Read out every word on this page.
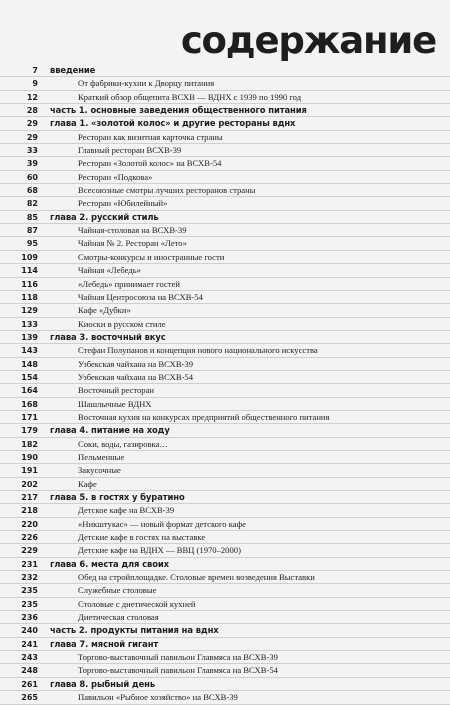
содержание
7 введение
9	От фабрики-кухни к Дворцу питания
12	Краткий обзор общепита ВСХВ — ВДНХ с 1939 по 1990 год
28 часть 1. основные заведения общественного питания
29 глава 1. «золотой колос» и другие рестораны вднх
29	Ресторан как визитная карточка страны
33	Главный ресторан ВСХВ-39
39	Ресторан «Золотой колос» на ВСХВ-54
60	Ресторан «Подкова»
68	Всесоюзные смотры лучших ресторанов страны
82	Ресторан «Юбилейный»
85 глава 2. русский стиль
87	Чайная-столовая на ВСХВ-39
95	Чайная № 2. Ресторан «Лето»
109	Смотры-конкурсы и иностранные гости
114	Чайная «Лебедь»
116	«Лебедь» принимает гостей
118	Чайная Центросоюза на ВСХВ-54
129	Кафе «Дубки»
133	Киоски в русском стиле
139 глава 3. восточный вкус
143	Стефан Полупанов и концепция нового национального искусства
148	Узбекская чайхана на ВСХВ-39
154	Узбекская чайхана на ВСХВ-54
164	Восточный ресторан
168	Шашлычные ВДНХ
171	Восточная кухня на конкурсах предприятий общественного питания
179 глава 4. питание на ходу
182	Соки, воды, газировка…
190	Пельменные
191	Закусочные
202	Кафе
217 глава 5. в гостях у буратино
218	Детское кафе на ВСХВ-39
220	«Никштукас» — новый формат детского кафе
226	Детские кафе в гостях на выставке
229	Детские кафе на ВДНХ — ВВЦ (1970–2000)
231 глава 6. места для своих
232	Обед на стройплощадке. Столовые времен возведения Выставки
235	Служебные столовые
235	Столовые с диетической кухней
236	Диетическая столовая
240 часть 2. продукты питания на вднх
241 глава 7. мясной гигант
243	Торгово-выставочный павильон Главмяса на ВСХВ-39
248	Торгово-выставочный павильон Главмяса на ВСХВ-54
261 глава 8. рыбный день
265	Павильон «Рыбное хозяйство» на ВСХВ-39
